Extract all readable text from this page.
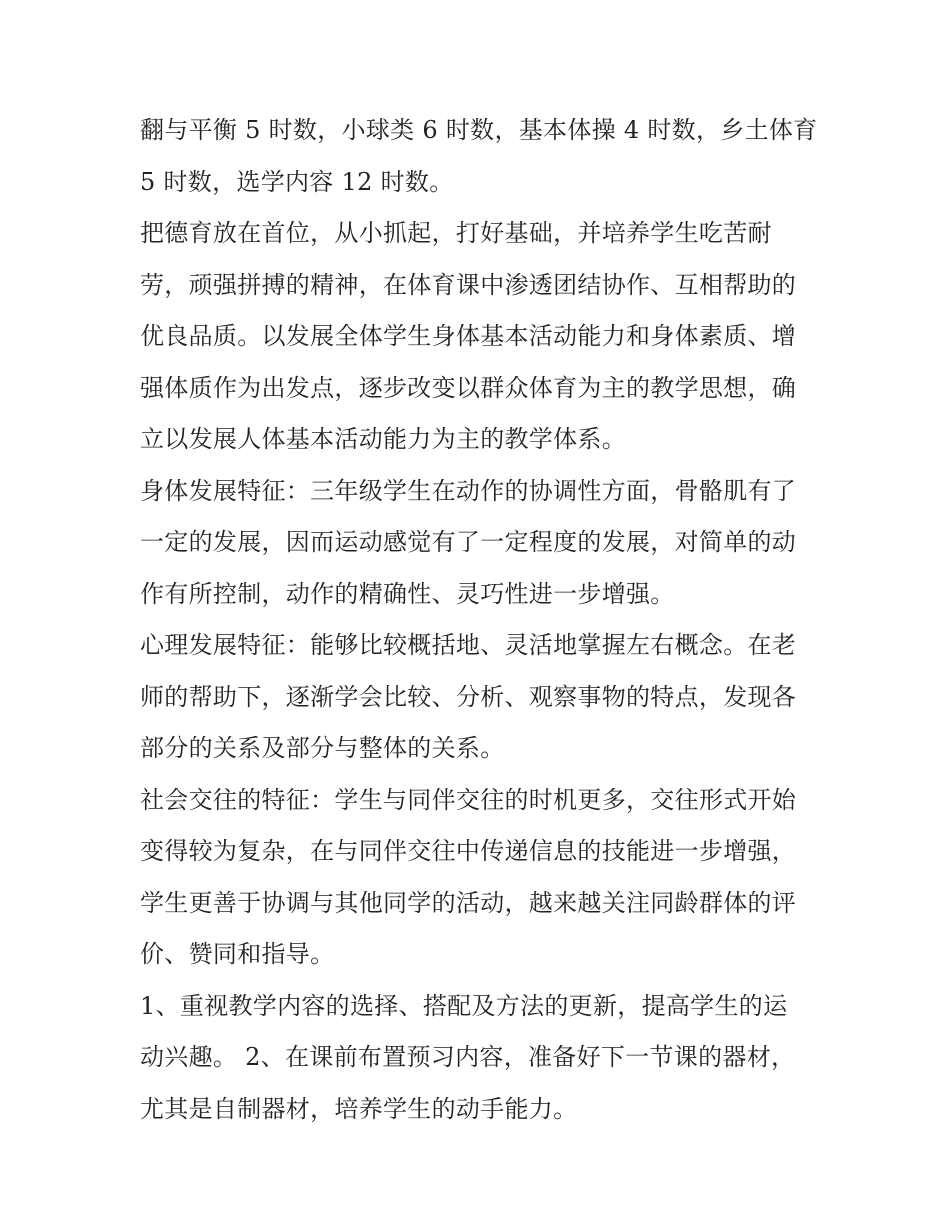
翻与平衡 5 时数，小球类 6 时数，基本体操 4 时数，乡土体育

5 时数，选学内容 12 时数。

把德育放在首位，从小抓起，打好基础，并培养学生吃苦耐

劳，顽强拼搏的精神，在体育课中渗透团结协作、互相帮助的

优良品质。以发展全体学生身体基本活动能力和身体素质、增

强体质作为出发点，逐步改变以群众体育为主的教学思想，确

立以发展人体基本活动能力为主的教学体系。

身体发展特征：三年级学生在动作的协调性方面，骨骼肌有了

一定的发展，因而运动感觉有了一定程度的发展，对简单的动

作有所控制，动作的精确性、灵巧性进一步增强。

心理发展特征：能够比较概括地、灵活地掌握左右概念。在老

师的帮助下，逐渐学会比较、分析、观察事物的特点，发现各

部分的关系及部分与整体的关系。

社会交往的特征：学生与同伴交往的时机更多，交往形式开始

变得较为复杂，在与同伴交往中传递信息的技能进一步增强，

学生更善于协调与其他同学的活动，越来越关注同龄群体的评

价、赞同和指导。

1、重视教学内容的选择、搭配及方法的更新，提高学生的运

动兴趣。 2、在课前布置预习内容，准备好下一节课的器材，

尤其是自制器材，培养学生的动手能力。
